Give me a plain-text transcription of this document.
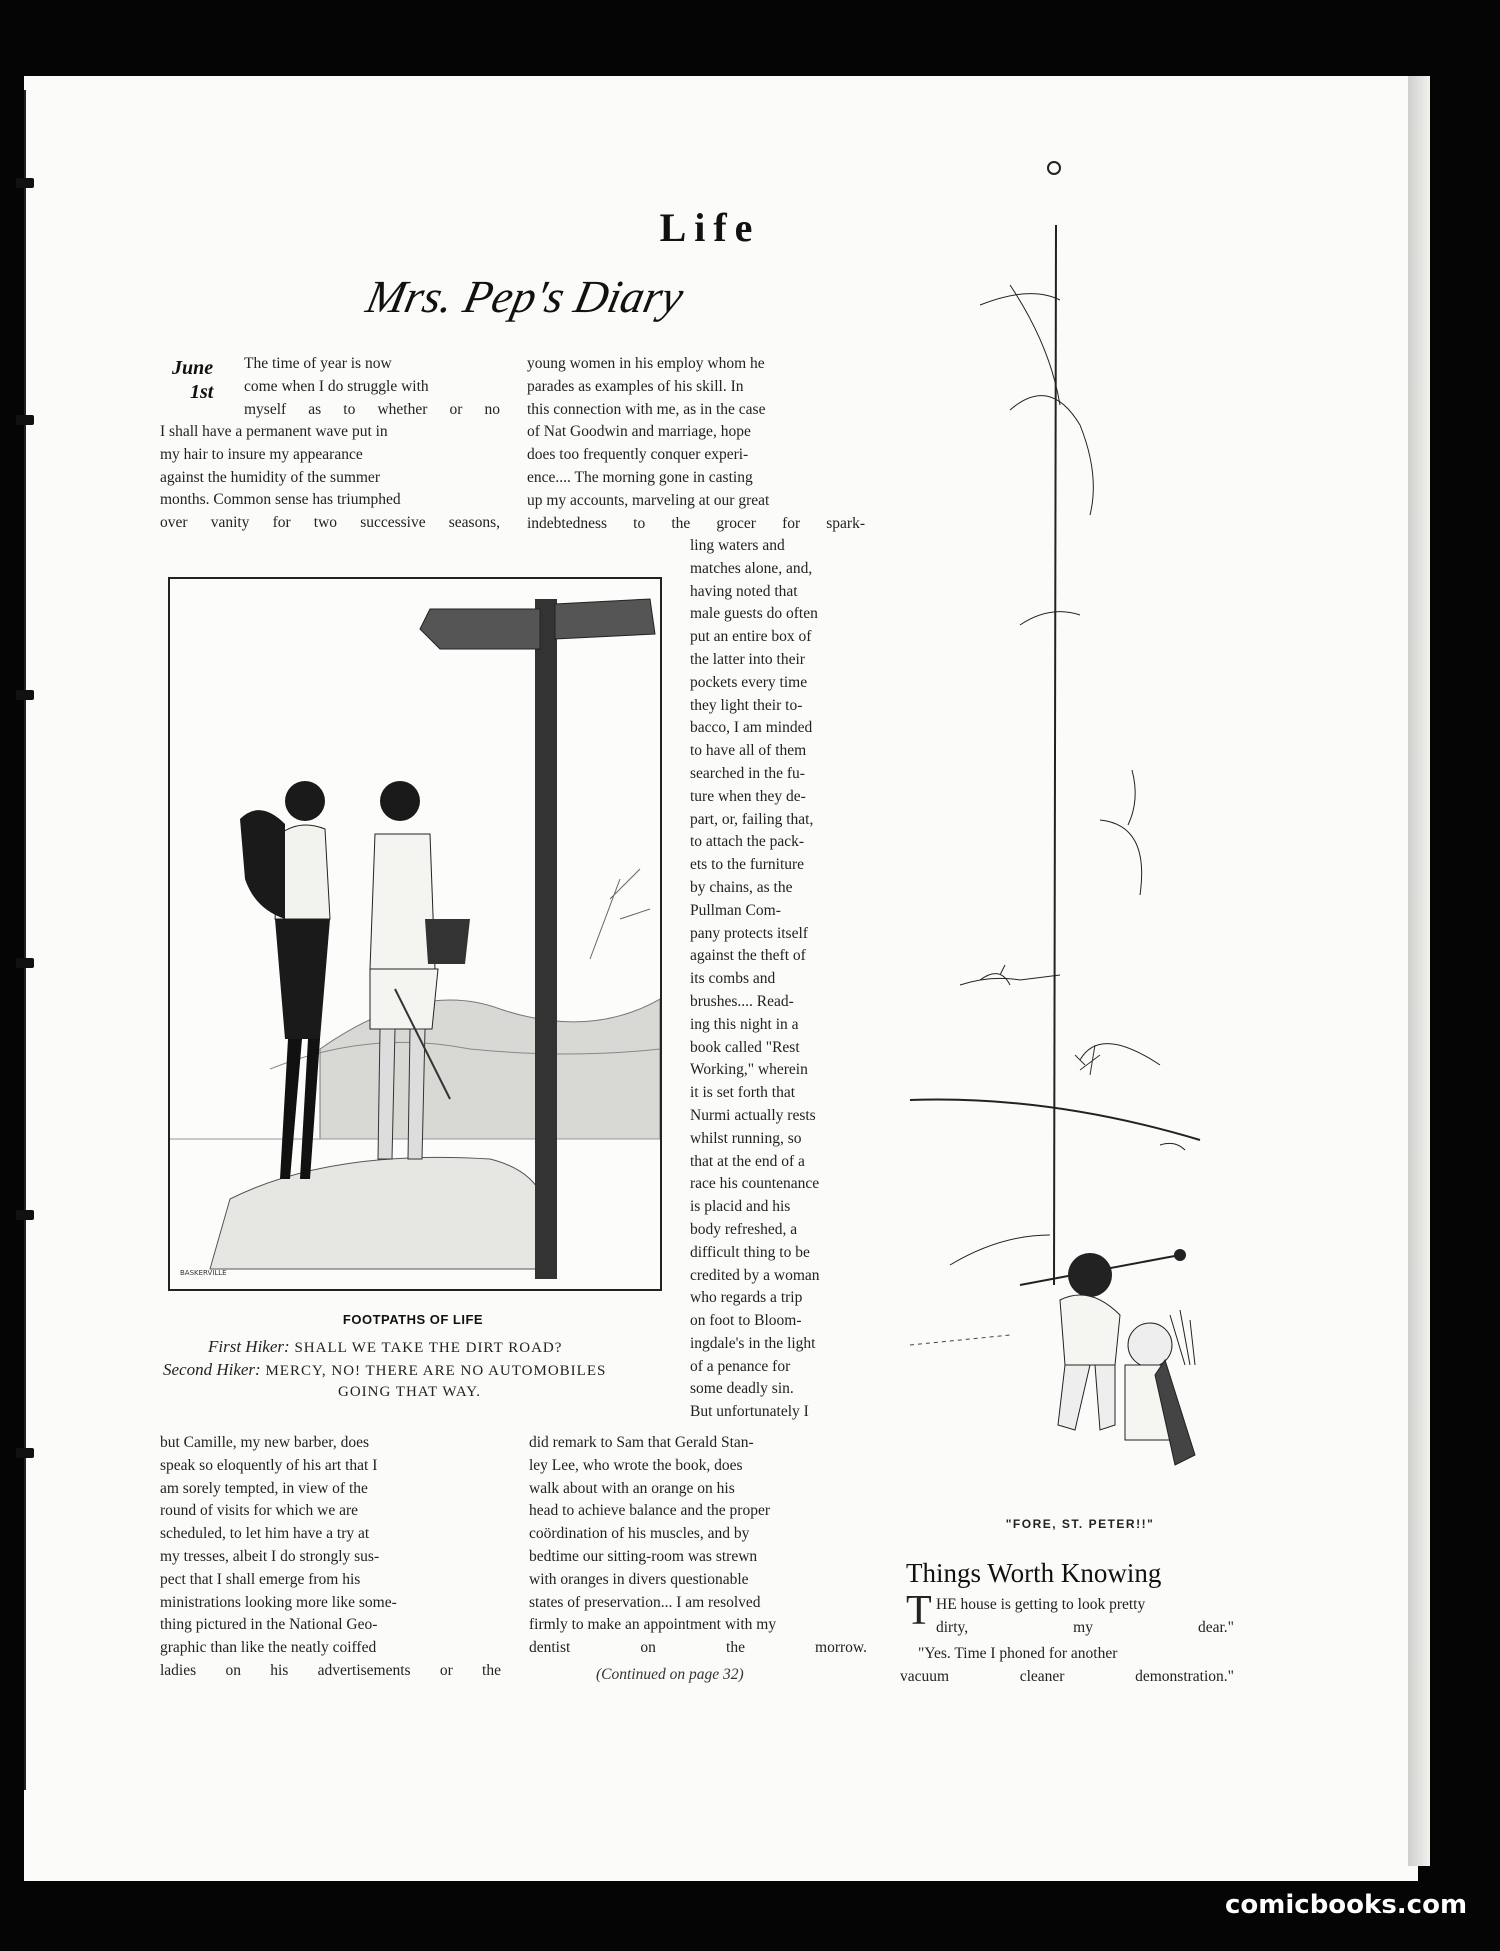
Life
Mrs. Pep's Diary
June
1st
The time of year is now
come when I do struggle with
myself as to whether or no
I shall have a permanent wave put in
my hair to insure my appearance
against the humidity of the summer
months. Common sense has triumphed
over vanity for two successive seasons,
young women in his employ whom he
parades as examples of his skill. In
this connection with me, as in the case
of Nat Goodwin and marriage, hope
does too frequently conquer experi-
ence.... The morning gone in casting
up my accounts, marveling at our great
indebtedness to the grocer for spark-
ling waters and
matches alone, and,
having noted that
male guests do often
put an entire box of
the latter into their
pockets every time
they light their to-
bacco, I am minded
to have all of them
searched in the fu-
ture when they de-
part, or, failing that,
to attach the pack-
ets to the furniture
by chains, as the
Pullman Com-
pany protects itself
against the theft of
its combs and
brushes.... Read-
ing this night in a
book called "Rest
Working," wherein
it is set forth that
Nurmi actually rests
whilst running, so
that at the end of a
race his countenance
is placid and his
body refreshed, a
difficult thing to be
credited by a woman
who regards a trip
on foot to Bloom-
ingdale's in the light
of a penance for
some deadly sin.
But unfortunately I

BASKERVILLE
FOOTPATHS OF LIFE
First Hiker: SHALL WE TAKE THE DIRT ROAD?
Second Hiker: MERCY, NO! THERE ARE NO AUTOMOBILES
GOING THAT WAY.
but Camille, my new barber, does
speak so eloquently of his art that I
am sorely tempted, in view of the
round of visits for which we are
scheduled, to let him have a try at
my tresses, albeit I do strongly sus-
pect that I shall emerge from his
ministrations looking more like some-
thing pictured in the National Geo-
graphic than like the neatly coiffed
ladies on his advertisements or the
did remark to Sam that Gerald Stan-
ley Lee, who wrote the book, does
walk about with an orange on his
head to achieve balance and the proper
coördination of his muscles, and by
bedtime our sitting-room was strewn
with oranges in divers questionable
states of preservation... I am resolved
firmly to make an appointment with my
dentist on the morrow.
(Continued on page 32)
"FORE, ST. PETER!!"
Things Worth Knowing
T HE house is getting to look pretty
dirty, my dear."
"Yes. Time I phoned for another
vacuum cleaner demonstration."
comicbooks.com
